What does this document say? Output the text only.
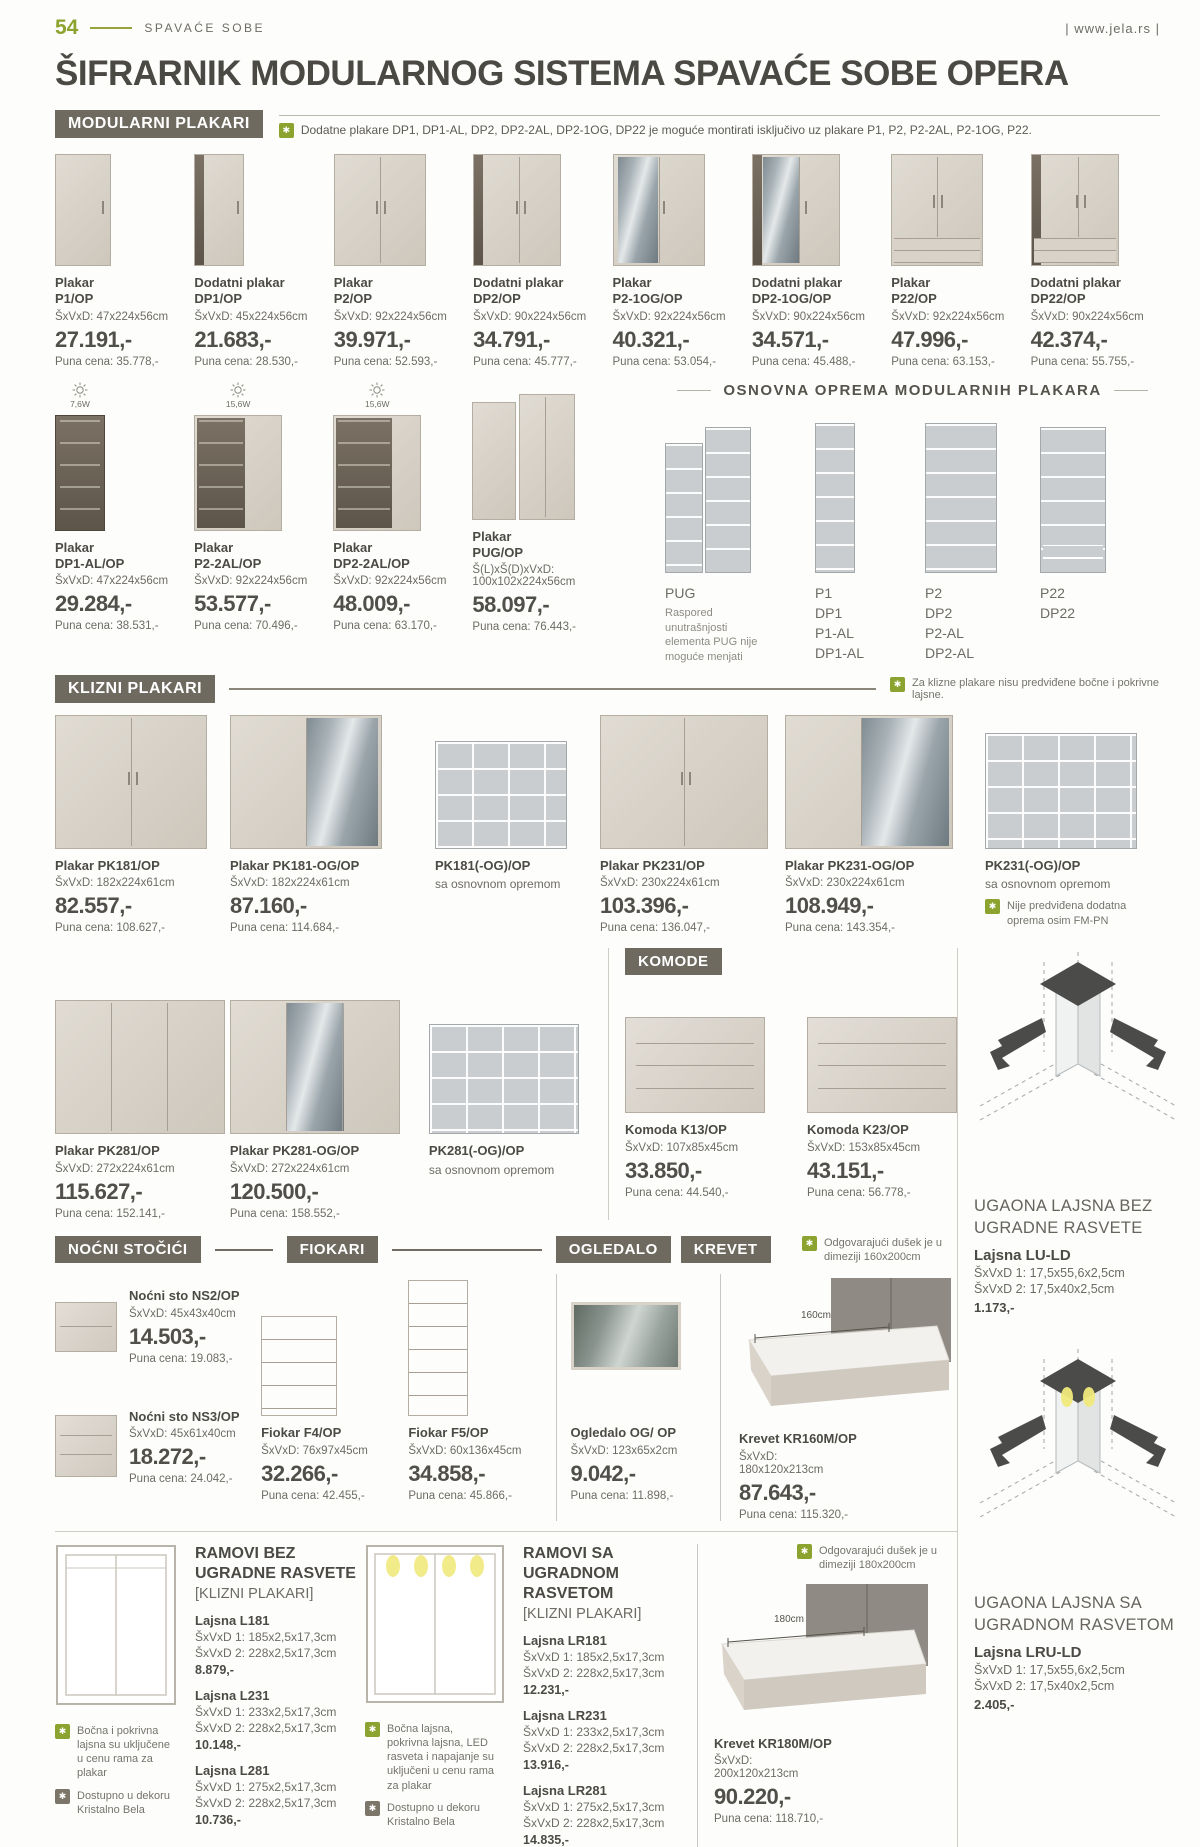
54	SPAVAĆE SOBE	| www.jela.rs |
ŠIFRARNIK MODULARNOG SISTEMA SPAVAĆE SOBE OPERA
MODULARNI PLAKARI ✱	Dodatne plakare DP1, DP1-AL, DP2, DP2-2AL, DP2-1OG, DP22 je moguće montirati isključivo uz plakare P1, P2, P2-2AL, P2-1OG, P22.
Plakar
P1/OP
ŠxVxD: 47x224x56cm
27.191,-
Puna cena: 35.778,-
Dodatni plakar
DP1/OP
ŠxVxD: 45x224x56cm
21.683,-
Puna cena: 28.530,-
Plakar
P2/OP
ŠxVxD: 92x224x56cm
39.971,-
Puna cena: 52.593,-
Dodatni plakar
DP2/OP
ŠxVxD: 90x224x56cm
34.791,-
Puna cena: 45.777,-
Plakar
P2-1OG/OP
ŠxVxD: 92x224x56cm
40.321,-
Puna cena: 53.054,-
Dodatni plakar
DP2-1OG/OP
ŠxVxD: 90x224x56cm
34.571,-
Puna cena: 45.488,-
Plakar
P22/OP
ŠxVxD: 92x224x56cm
47.996,-
Puna cena: 63.153,-
Dodatni plakar
DP22/OP
ŠxVxD: 90x224x56cm
42.374,-
Puna cena: 55.755,-
7,6W
Plakar
DP1-AL/OP
ŠxVxD: 47x224x56cm
29.284,-
Puna cena: 38.531,-
15,6W
Plakar
P2-2AL/OP
ŠxVxD: 92x224x56cm
53.577,-
Puna cena: 70.496,-
15,6W
Plakar
DP2-2AL/OP
ŠxVxD: 92x224x56cm
48.009,-
Puna cena: 63.170,-
Plakar
PUG/OP
Š(L)xŠ(D)xVxD: 100x102x224x56cm
58.097,-
Puna cena: 76.443,-
OSNOVNA OPREMA MODULARNIH PLAKARA
PUG
Raspored unutrašnjosti elementa PUG nije moguće menjati
P1
DP1
P1-AL
DP1-AL
P2
DP2
P2-AL
DP2-AL
P22
DP22
KLIZNI PLAKARI ✱	Za klizne plakare nisu predviđene bočne i pokrivne lajsne.
Plakar PK181/OP
ŠxVxD: 182x224x61cm
82.557,-
Puna cena: 108.627,-
Plakar PK181-OG/OP
ŠxVxD: 182x224x61cm
87.160,-
Puna cena: 114.684,-
PK181(-OG)/OP
sa osnovnom opremom
Plakar PK231/OP
ŠxVxD: 230x224x61cm
103.396,-
Puna cena: 136.047,-
Plakar PK231-OG/OP
ŠxVxD: 230x224x61cm
108.949,-
Puna cena: 143.354,-
PK231(-OG)/OP
sa osnovnom opremom
✱
Nije predviđena dodatna oprema osim FM-PN
Plakar PK281/OP
ŠxVxD: 272x224x61cm
115.627,-
Puna cena: 152.141,-
Plakar PK281-OG/OP
ŠxVxD: 272x224x61cm
120.500,-
Puna cena: 158.552,-
PK281(-OG)/OP
sa osnovnom opremom
KOMODE
Komoda K13/OP
ŠxVxD: 107x85x45cm
33.850,-
Puna cena: 44.540,-
Komoda K23/OP
ŠxVxD: 153x85x45cm
43.151,-
Puna cena: 56.778,-
NOĆNI STOČIĆI	FIOKARI	OGLEDALO	KREVET ✱	Odgovarajući dušek je u dimeziji 160x200cm
Noćni sto NS2/OP
ŠxVxD: 45x43x40cm
14.503,-
Puna cena: 19.083,-
Noćni sto NS3/OP
ŠxVxD: 45x61x40cm
18.272,-
Puna cena: 24.042,-
Fiokar F4/OP
ŠxVxD: 76x97x45cm
32.266,-
Puna cena: 42.455,-
Fiokar F5/OP
ŠxVxD: 60x136x45cm
34.858,-
Puna cena: 45.866,-
Ogledalo OG/ OP
ŠxVxD: 123x65x2cm
9.042,-
Puna cena: 11.898,-
160cm
Krevet KR160M/OP
ŠxVxD:
180x120x213cm
87.643,-
Puna cena: 115.320,-
✱
Bočna i pokrivna lajsna su uključene u cenu rama za plakar
✱
Dostupno u dekoru Kristalno Bela
RAMOVI BEZ UGRADNE RASVETE
[KLIZNI PLAKARI]
Lajsna L181
ŠxVxD 1: 185x2,5x17,3cm
ŠxVxD 2: 228x2,5x17,3cm
8.879,-
Lajsna L231
ŠxVxD 1: 233x2,5x17,3cm
ŠxVxD 2: 228x2,5x17,3cm
10.148,-
Lajsna L281
ŠxVxD 1: 275x2,5x17,3cm
ŠxVxD 2: 228x2,5x17,3cm
10.736,-
✱
Bočna lajsna, pokrivna lajsna, LED rasveta i napajanje su uključeni u cenu rama za plakar
✱
Dostupno u dekoru Kristalno Bela
RAMOVI SA UGRADNOM RASVETOM
[KLIZNI PLAKARI]
Lajsna LR181
ŠxVxD 1: 185x2,5x17,3cm
ŠxVxD 2: 228x2,5x17,3cm
12.231,-
Lajsna LR231
ŠxVxD 1: 233x2,5x17,3cm
ŠxVxD 2: 228x2,5x17,3cm
13.916,-
Lajsna LR281
ŠxVxD 1: 275x2,5x17,3cm
ŠxVxD 2: 228x2,5x17,3cm
14.835,-
✱
Odgovarajući dušek je u dimeziji 180x200cm
180cm
Krevet KR180M/OP
ŠxVxD:
200x120x213cm
90.220,-
Puna cena: 118.710,-
UGAONA LAJSNA BEZ UGRADNE RASVETE
Lajsna LU-LD
ŠxVxD 1: 17,5x55,6x2,5cm
ŠxVxD 2: 17,5x40x2,5cm
1.173,-
UGAONA LAJSNA SA UGRADNOM RASVETOM
Lajsna LRU-LD
ŠxVxD 1: 17,5x55,6x2,5cm
ŠxVxD 2: 17,5x40x2,5cm
2.405,-
